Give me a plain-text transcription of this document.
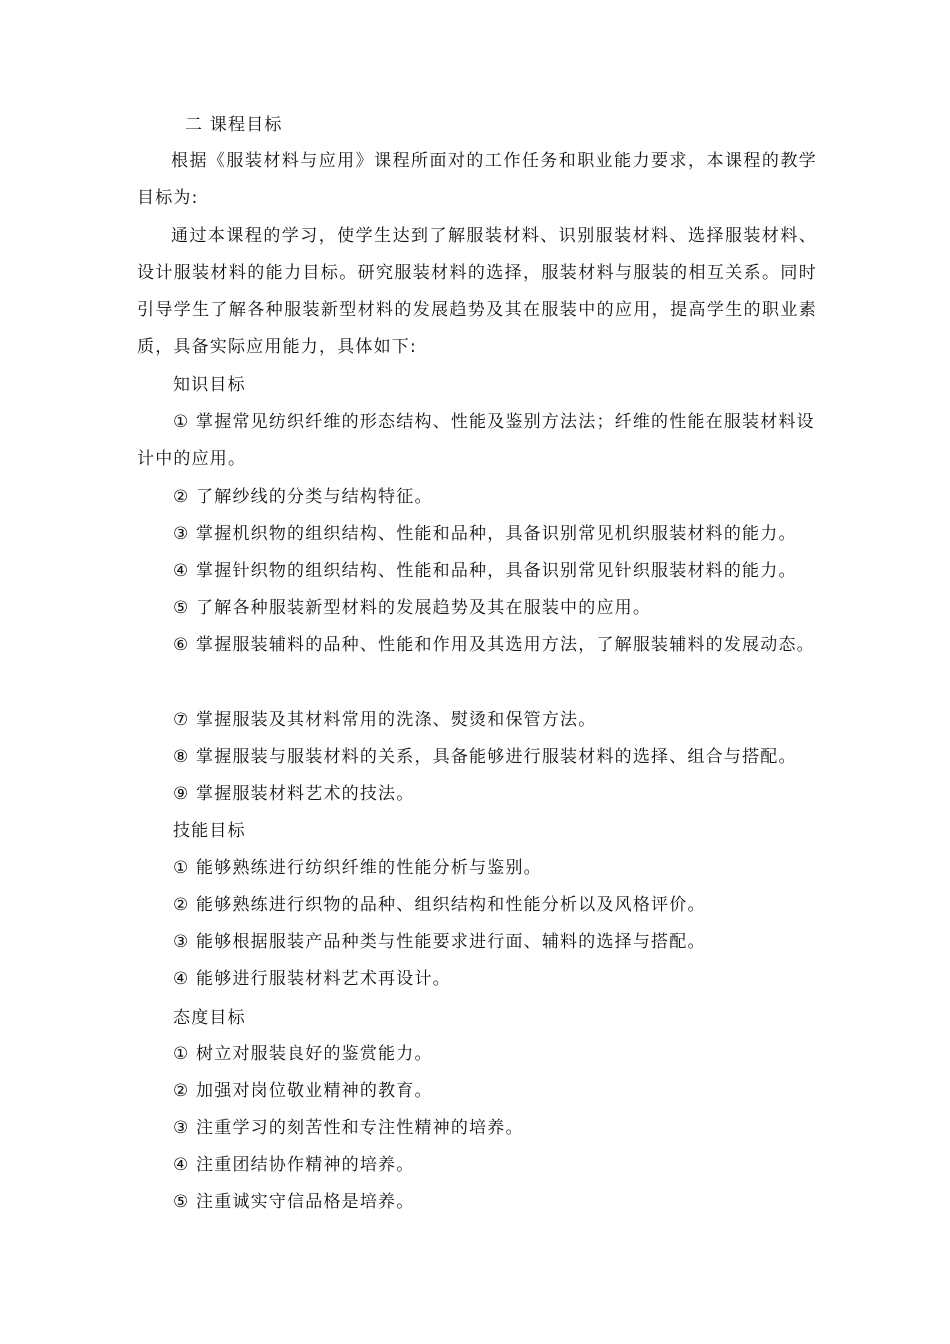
二 课程目标
根据《服装材料与应用》课程所面对的工作任务和职业能力要求，本课程的教学目标为:
通过本课程的学习，使学生达到了解服装材料、识别服装材料、选择服装材料、设计服装材料的能力目标。研究服装材料的选择，服装材料与服装的相互关系。同时引导学生了解各种服装新型材料的发展趋势及其在服装中的应用，提高学生的职业素质，具备实际应用能力，具体如下:
知识目标
① 掌握常见纺织纤维的形态结构、性能及鉴别方法法；纤维的性能在服装材料设计中的应用。
② 了解纱线的分类与结构特征。
③ 掌握机织物的组织结构、性能和品种，具备识别常见机织服装材料的能力。
④ 掌握针织物的组织结构、性能和品种，具备识别常见针织服装材料的能力。
⑤ 了解各种服装新型材料的发展趋势及其在服装中的应用。
⑥ 掌握服装辅料的品种、性能和作用及其选用方法，了解服装辅料的发展动态。
⑦ 掌握服装及其材料常用的洗涤、熨烫和保管方法。
⑧ 掌握服装与服装材料的关系，具备能够进行服装材料的选择、组合与搭配。
⑨ 掌握服装材料艺术的技法。
技能目标
① 能够熟练进行纺织纤维的性能分析与鉴别。
② 能够熟练进行织物的品种、组织结构和性能分析以及风格评价。
③ 能够根据服装产品种类与性能要求进行面、辅料的选择与搭配。
④ 能够进行服装材料艺术再设计。
态度目标
① 树立对服装良好的鉴赏能力。
② 加强对岗位敬业精神的教育。
③ 注重学习的刻苦性和专注性精神的培养。
④ 注重团结协作精神的培养。
⑤ 注重诚实守信品格是培养。
